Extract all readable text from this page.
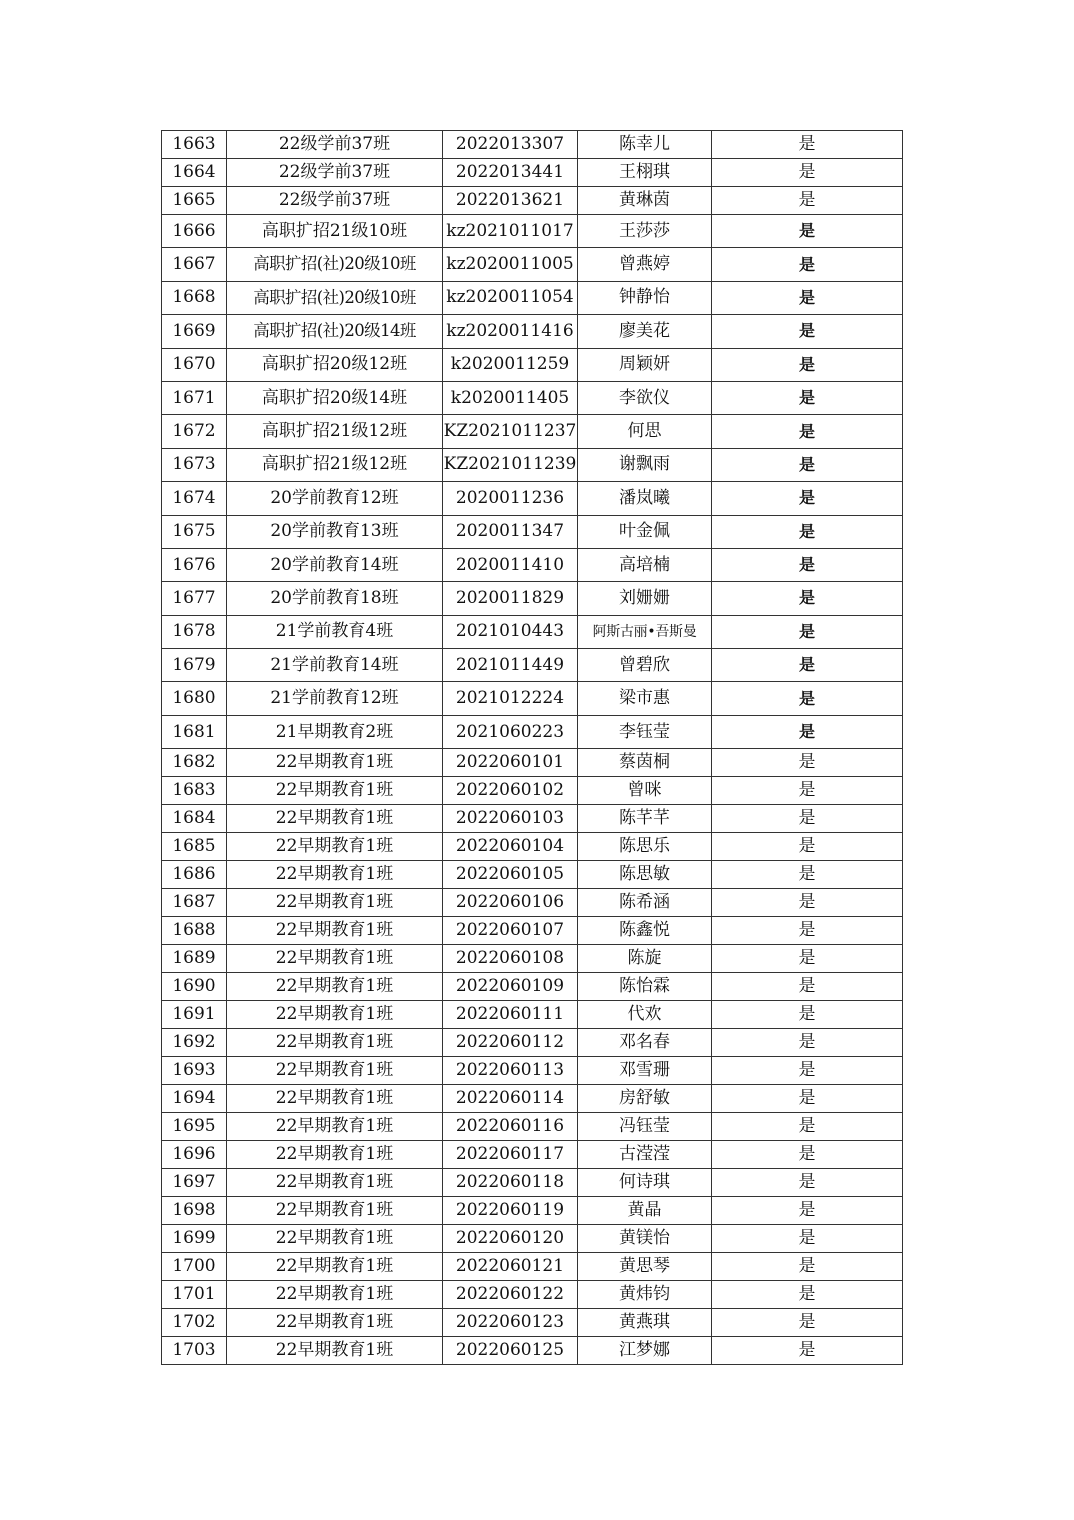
1663	22级学前37班	2022013307	陈幸儿	是
1664	22级学前37班	2022013441	王栩琪	是
1665	22级学前37班	2022013621	黄琳茵	是
1666	高职扩招21级10班	kz2021011017	王莎莎	是
1667	高职扩招(社)20级10班	kz2020011005	曾燕婷	是
1668	高职扩招(社)20级10班	kz2020011054	钟静怡	是
1669	高职扩招(社)20级14班	kz2020011416	廖美花	是
1670	高职扩招20级12班	k2020011259	周颖妍	是
1671	高职扩招20级14班	k2020011405	李欲仪	是
1672	高职扩招21级12班	KZ2021011237	何思	是
1673	高职扩招21级12班	KZ2021011239	谢飘雨	是
1674	20学前教育12班	2020011236	潘岚曦	是
1675	20学前教育13班	2020011347	叶金佩	是
1676	20学前教育14班	2020011410	高培楠	是
1677	20学前教育18班	2020011829	刘姗姗	是
1678	21学前教育4班	2021010443	阿斯古丽•吾斯曼	是
1679	21学前教育14班	2021011449	曾碧欣	是
1680	21学前教育12班	2021012224	梁市惠	是
1681	21早期教育2班	2021060223	李钰莹	是
1682	22早期教育1班	2022060101	蔡茵桐	是
1683	22早期教育1班	2022060102	曾咪	是
1684	22早期教育1班	2022060103	陈芊芊	是
1685	22早期教育1班	2022060104	陈思乐	是
1686	22早期教育1班	2022060105	陈思敏	是
1687	22早期教育1班	2022060106	陈希涵	是
1688	22早期教育1班	2022060107	陈鑫悦	是
1689	22早期教育1班	2022060108	陈旋	是
1690	22早期教育1班	2022060109	陈怡霖	是
1691	22早期教育1班	2022060111	代欢	是
1692	22早期教育1班	2022060112	邓名春	是
1693	22早期教育1班	2022060113	邓雪珊	是
1694	22早期教育1班	2022060114	房舒敏	是
1695	22早期教育1班	2022060116	冯钰莹	是
1696	22早期教育1班	2022060117	古滢滢	是
1697	22早期教育1班	2022060118	何诗琪	是
1698	22早期教育1班	2022060119	黄晶	是
1699	22早期教育1班	2022060120	黄镁怡	是
1700	22早期教育1班	2022060121	黄思琴	是
1701	22早期教育1班	2022060122	黄炜钧	是
1702	22早期教育1班	2022060123	黄燕琪	是
1703	22早期教育1班	2022060125	江梦娜	是
